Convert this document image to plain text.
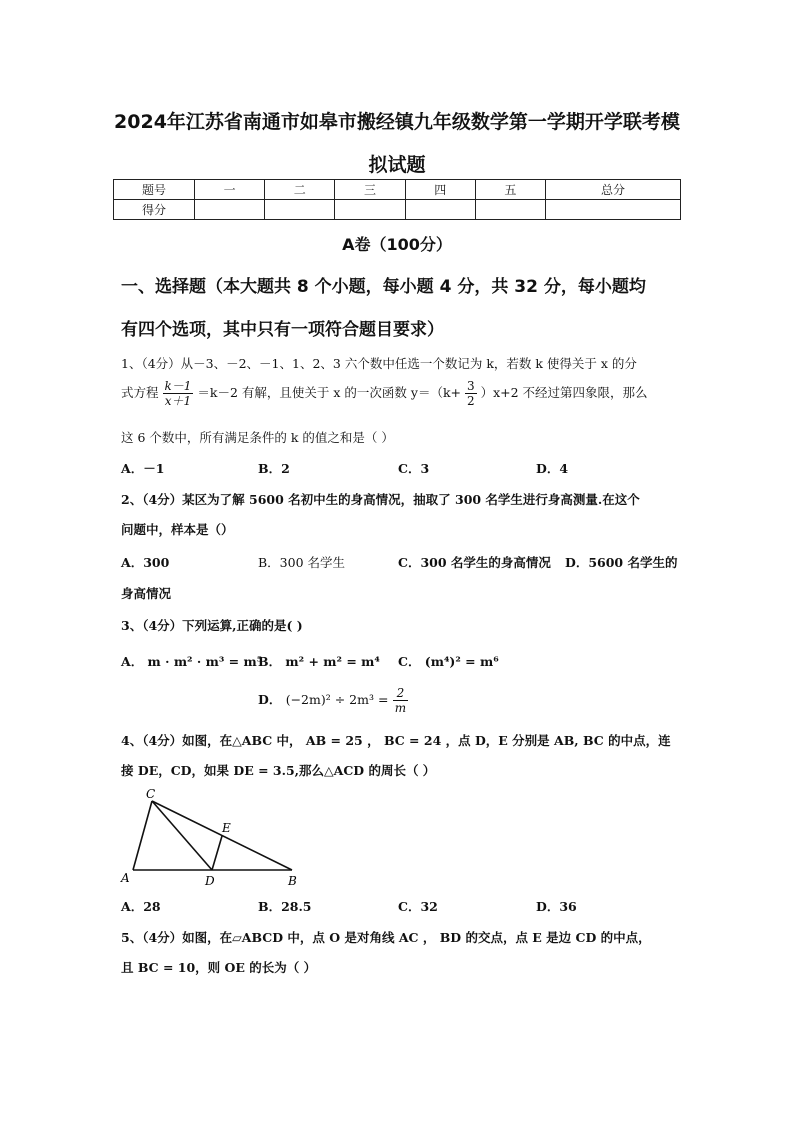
2024年江苏省南通市如皋市搬经镇九年级数学第一学期开学联考模
拟试题
题号	一	二	三	四	五	总分
得分						
A卷（100分）
一、选择题（本大题共 8 个小题，每小题 4 分，共 32 分，每小题均
有四个选项，其中只有一项符合题目要求）
1、（4分）从－3、－2、－1、1、2、3 六个数中任选一个数记为 k，若数 k 使得关于 x 的分
式方程 $\frac{k-1}{x+1} =k-2$ 有解，且使关于 x 的一次函数 $y=(k+ \frac{3}{2} )x+2$ 不经过第四象限，那么
这 6 个数中，所有满足条件的 k 的值之和是（ ）
A．－1	B．2	C．3	D．4
2、（4分）某区为了解 5600 名初中生的身高情况，抽取了 300 名学生进行身高测量.在这个
问题中，样本是（）
A．300	B．300 名学生	C．300 名学生的身高情况 D．5600 名学生的
身高情况
3、（4分）下列运算,正确的是( )
A． m · m² · m³ = m⁵
B． m² + m² = m⁴ C． (m⁴)² = m⁶
D． $(-2m)^2 \div 2m^3 = \frac{2}{m}$
4、（4分）如图，在△ABC 中， AB = 25 ， BC = 24 ，点 D，E 分别是 AB, BC 的中点，连
接 DE，CD，如果 DE = 3.5,那么△ACD 的周长（ ）
C
E
A	D	B
A．28	B．28.5	C．32	D．36
5、（4分）如图，在▱ABCD 中，点 O 是对角线 AC ， BD 的交点，点 E 是边 CD 的中点，
且 BC = 10，则 OE 的长为（ ）
